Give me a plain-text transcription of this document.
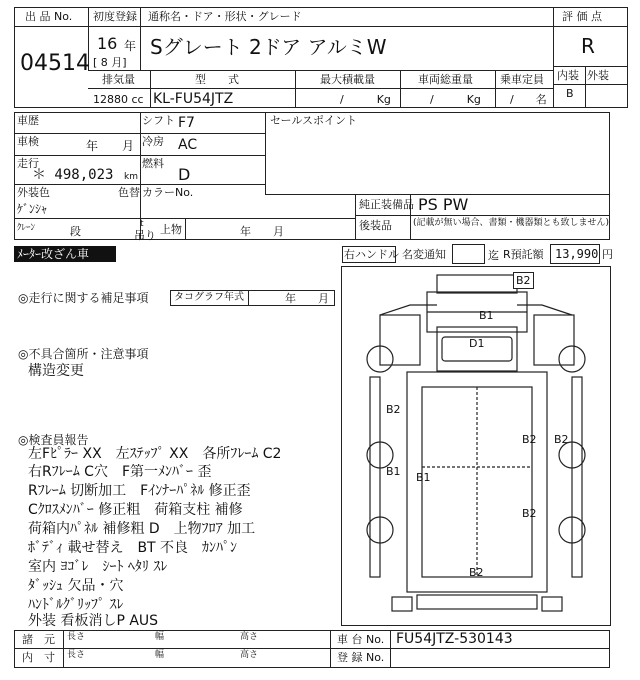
出 品 No.
04514
初度登録
16 年
[ 8 月]
通称名・ドア・形状・グレード
Sグレート 2ドア アルミW
評 価 点
R
内装 外装
B
排気量
12880 cc
型　　式
KL-FU54JTZ
最大積載量
/　　　Kg
車両総重量
/　　　Kg
乗車定員
/　　名
車歴	シフト F7
車検	年　　月 冷房 AC
走行
＊ 498,023 km
燃料
D
外装色
ｹﾞﾝｼｬ
色替 カラーNo.
セールスポイント
ｸﾚｰﾝ	段
t
吊り 上物	年　　月
純正装備品 PS PW
後装品 (記載が無い場合、書類・機器類とも致しません)
ﾒｰﾀｰ改ざん車	右ハンドル 名変通知	迄 R預託額 13,990 円
◎走行に関する補足事項	タコグラフ年式	年　　月
◎不具合箇所・注意事項
構造変更
◎検査員報告
左Fﾋﾟﾗｰ XX　左ｽﾃｯﾌﾟ XX　各所ﾌﾚｰﾑ C2
右Rﾌﾚｰﾑ C穴　F第一ﾒﾝﾊﾞｰ 歪
Rﾌﾚｰﾑ 切断加工　Fｲﾝﾅｰﾊﾟﾈﾙ 修正歪
Cｸﾛｽﾒﾝﾊﾞｰ 修正粗　荷箱支柱 補修
荷箱内ﾊﾟﾈﾙ 補修粗 D　上物ﾌﾛｱ 加工
ﾎﾞﾃﾞｨ 載せ替え　BT 不良　ｶﾝﾊﾟﾝ
室内 ﾖｺﾞﾚ　ｼｰﾄ ﾍﾀﾘ ｽﾚ
ﾀﾞｯｼｭ 欠品・穴
ﾊﾝﾄﾞﾙｸﾞﾘｯﾌﾟ ｽﾚ
外装 看板消しP AUS
B2
B1
D1
B2
B2 B2
B1 B1
B2
B2
諸　元
内　寸
長さ	幅	高さ
長さ	幅	高さ
車 台 No. FU54JTZ-530143
登 録 No.
